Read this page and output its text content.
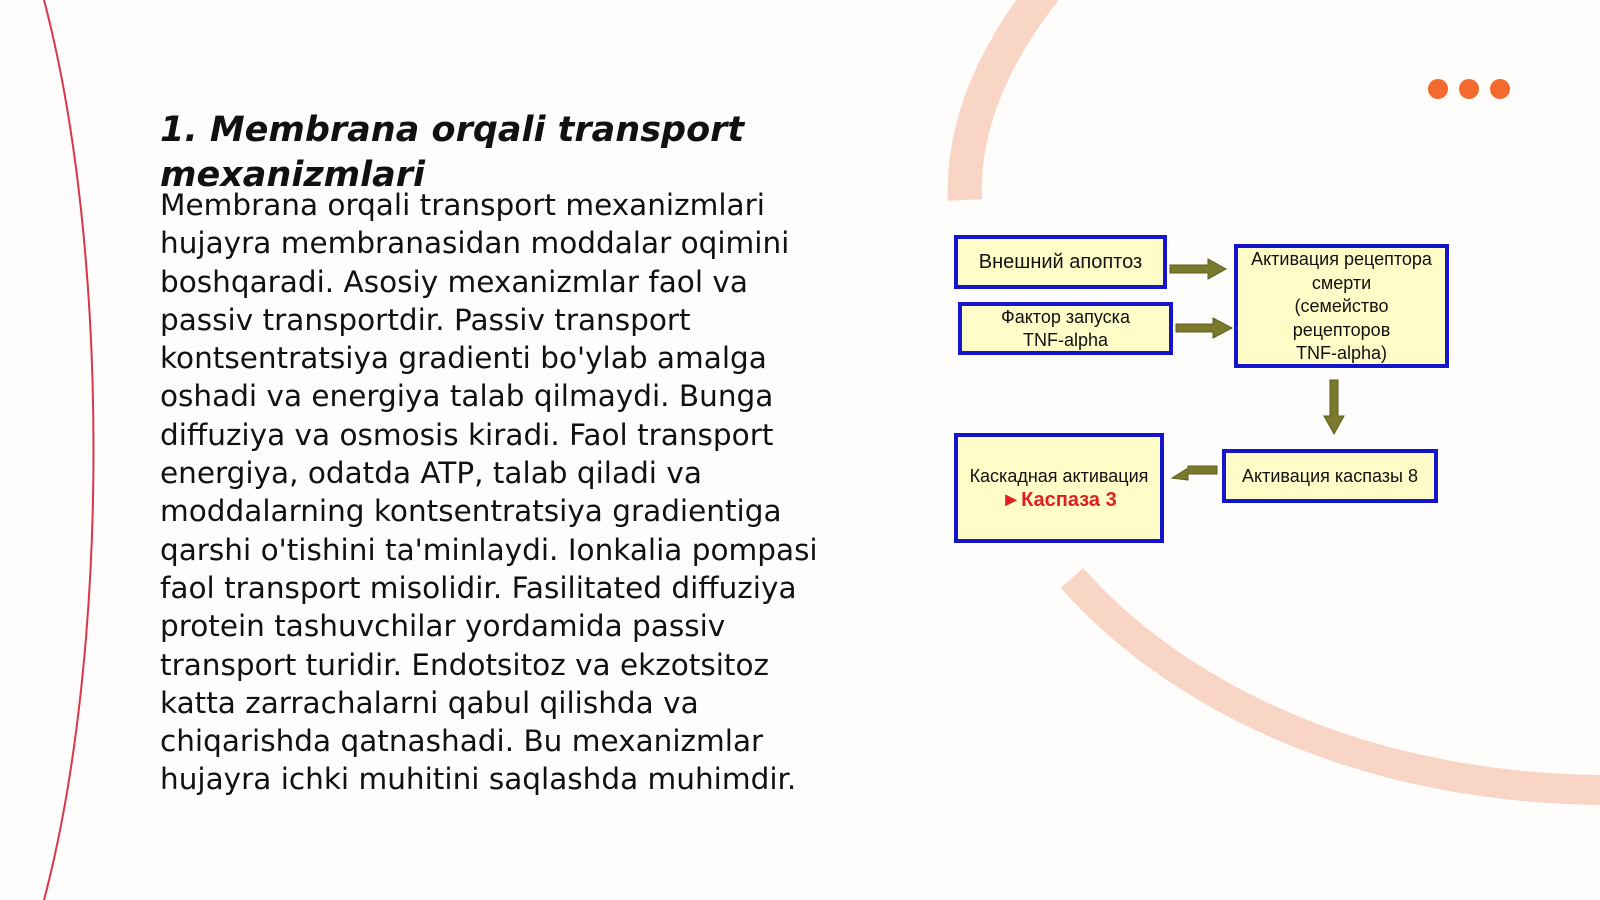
1. Membrana orqali transport mexanizmlari

Membrana orqali transport mexanizmlari hujayra membranasidan moddalar oqimini boshqaradi. Asosiy mexanizmlar faol va passiv transportdir. Passiv transport kontsentratsiya gradienti bo'ylab amalga oshadi va energiya talab qilmaydi. Bunga diffuziya va osmosis kiradi. Faol transport energiya, odatda ATP, talab qiladi va moddalarning kontsentratsiya gradientiga qarshi o'tishini ta'minlaydi. Ionkalia pompasi faol transport misolidir. Fasilitated diffuziya protein tashuvchilar yordamida passiv transport turidir. Endotsitoz va ekzotsitoz katta zarrachalarni qabul qilishda va chiqarishda qatnashadi. Bu mexanizmlar hujayra ichki muhitini saqlashda muhimdir.

Внешний апоптоз
Фактор запуска
TNF-alpha
Активация рецептора
смерти
(семейство
рецепторов
TNF-alpha)
Активация каспазы 8
Каскадная активация
►Каспаза 3
